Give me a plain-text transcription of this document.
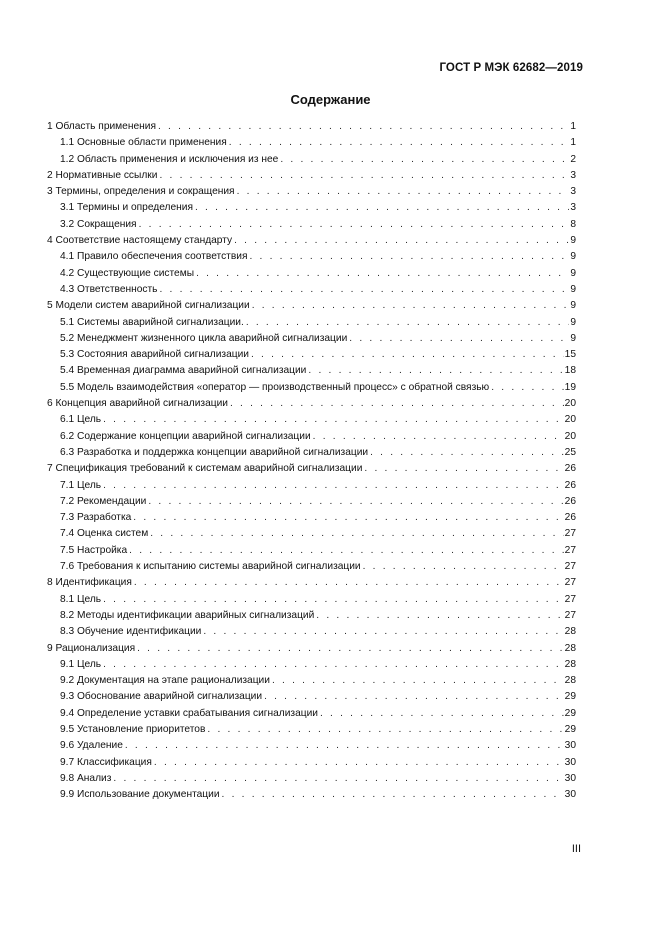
ГОСТ Р МЭК 62682—2019
Содержание
1 Область применения . . .	1
1.1 Основные области применения . . .	1
1.2 Область применения и исключения из нее . . .	2
2 Нормативные ссылки . . .	3
3 Термины, определения и сокращения . . .	3
3.1 Термины и определения . . .	3
3.2 Сокращения . . .	8
4 Соответствие настоящему стандарту . . .	9
4.1 Правило обеспечения соответствия . . .	9
4.2 Существующие системы . . .	9
4.3 Ответственность . . .	9
5 Модели систем аварийной сигнализации . . .	9
5.1 Системы аварийной сигнализации. . . .	9
5.2 Менеджмент жизненного цикла аварийной сигнализации . . .	9
5.3 Состояния аварийной сигнализации . . .	15
5.4 Временная диаграмма аварийной сигнализации . . .	18
5.5 Модель взаимодействия «оператор — производственный процесс» с обратной связью . . .	19
6 Концепция аварийной сигнализации . . .	20
6.1 Цель . . .	20
6.2 Содержание концепции аварийной сигнализации . . .	20
6.3 Разработка и поддержка концепции аварийной сигнализации . . .	25
7 Спецификация требований к системам аварийной сигнализации . . .	26
7.1 Цель . . .	26
7.2 Рекомендации . . .	26
7.3 Разработка . . .	26
7.4 Оценка систем . . .	27
7.5 Настройка . . .	27
7.6 Требования к испытанию системы аварийной сигнализации . . .	27
8 Идентификация . . .	27
8.1 Цель . . .	27
8.2 Методы идентификации аварийных сигнализаций . . .	27
8.3 Обучение идентификации . . .	28
9 Рационализация . . .	28
9.1 Цель . . .	28
9.2 Документация на этапе рационализации . . .	28
9.3 Обоснование аварийной сигнализации . . .	29
9.4 Определение уставки срабатывания сигнализации . . .	29
9.5 Установление приоритетов . . .	29
9.6 Удаление . . .	30
9.7 Классификация . . .	30
9.8 Анализ . . .	30
9.9 Использование документации . . .	30
III
